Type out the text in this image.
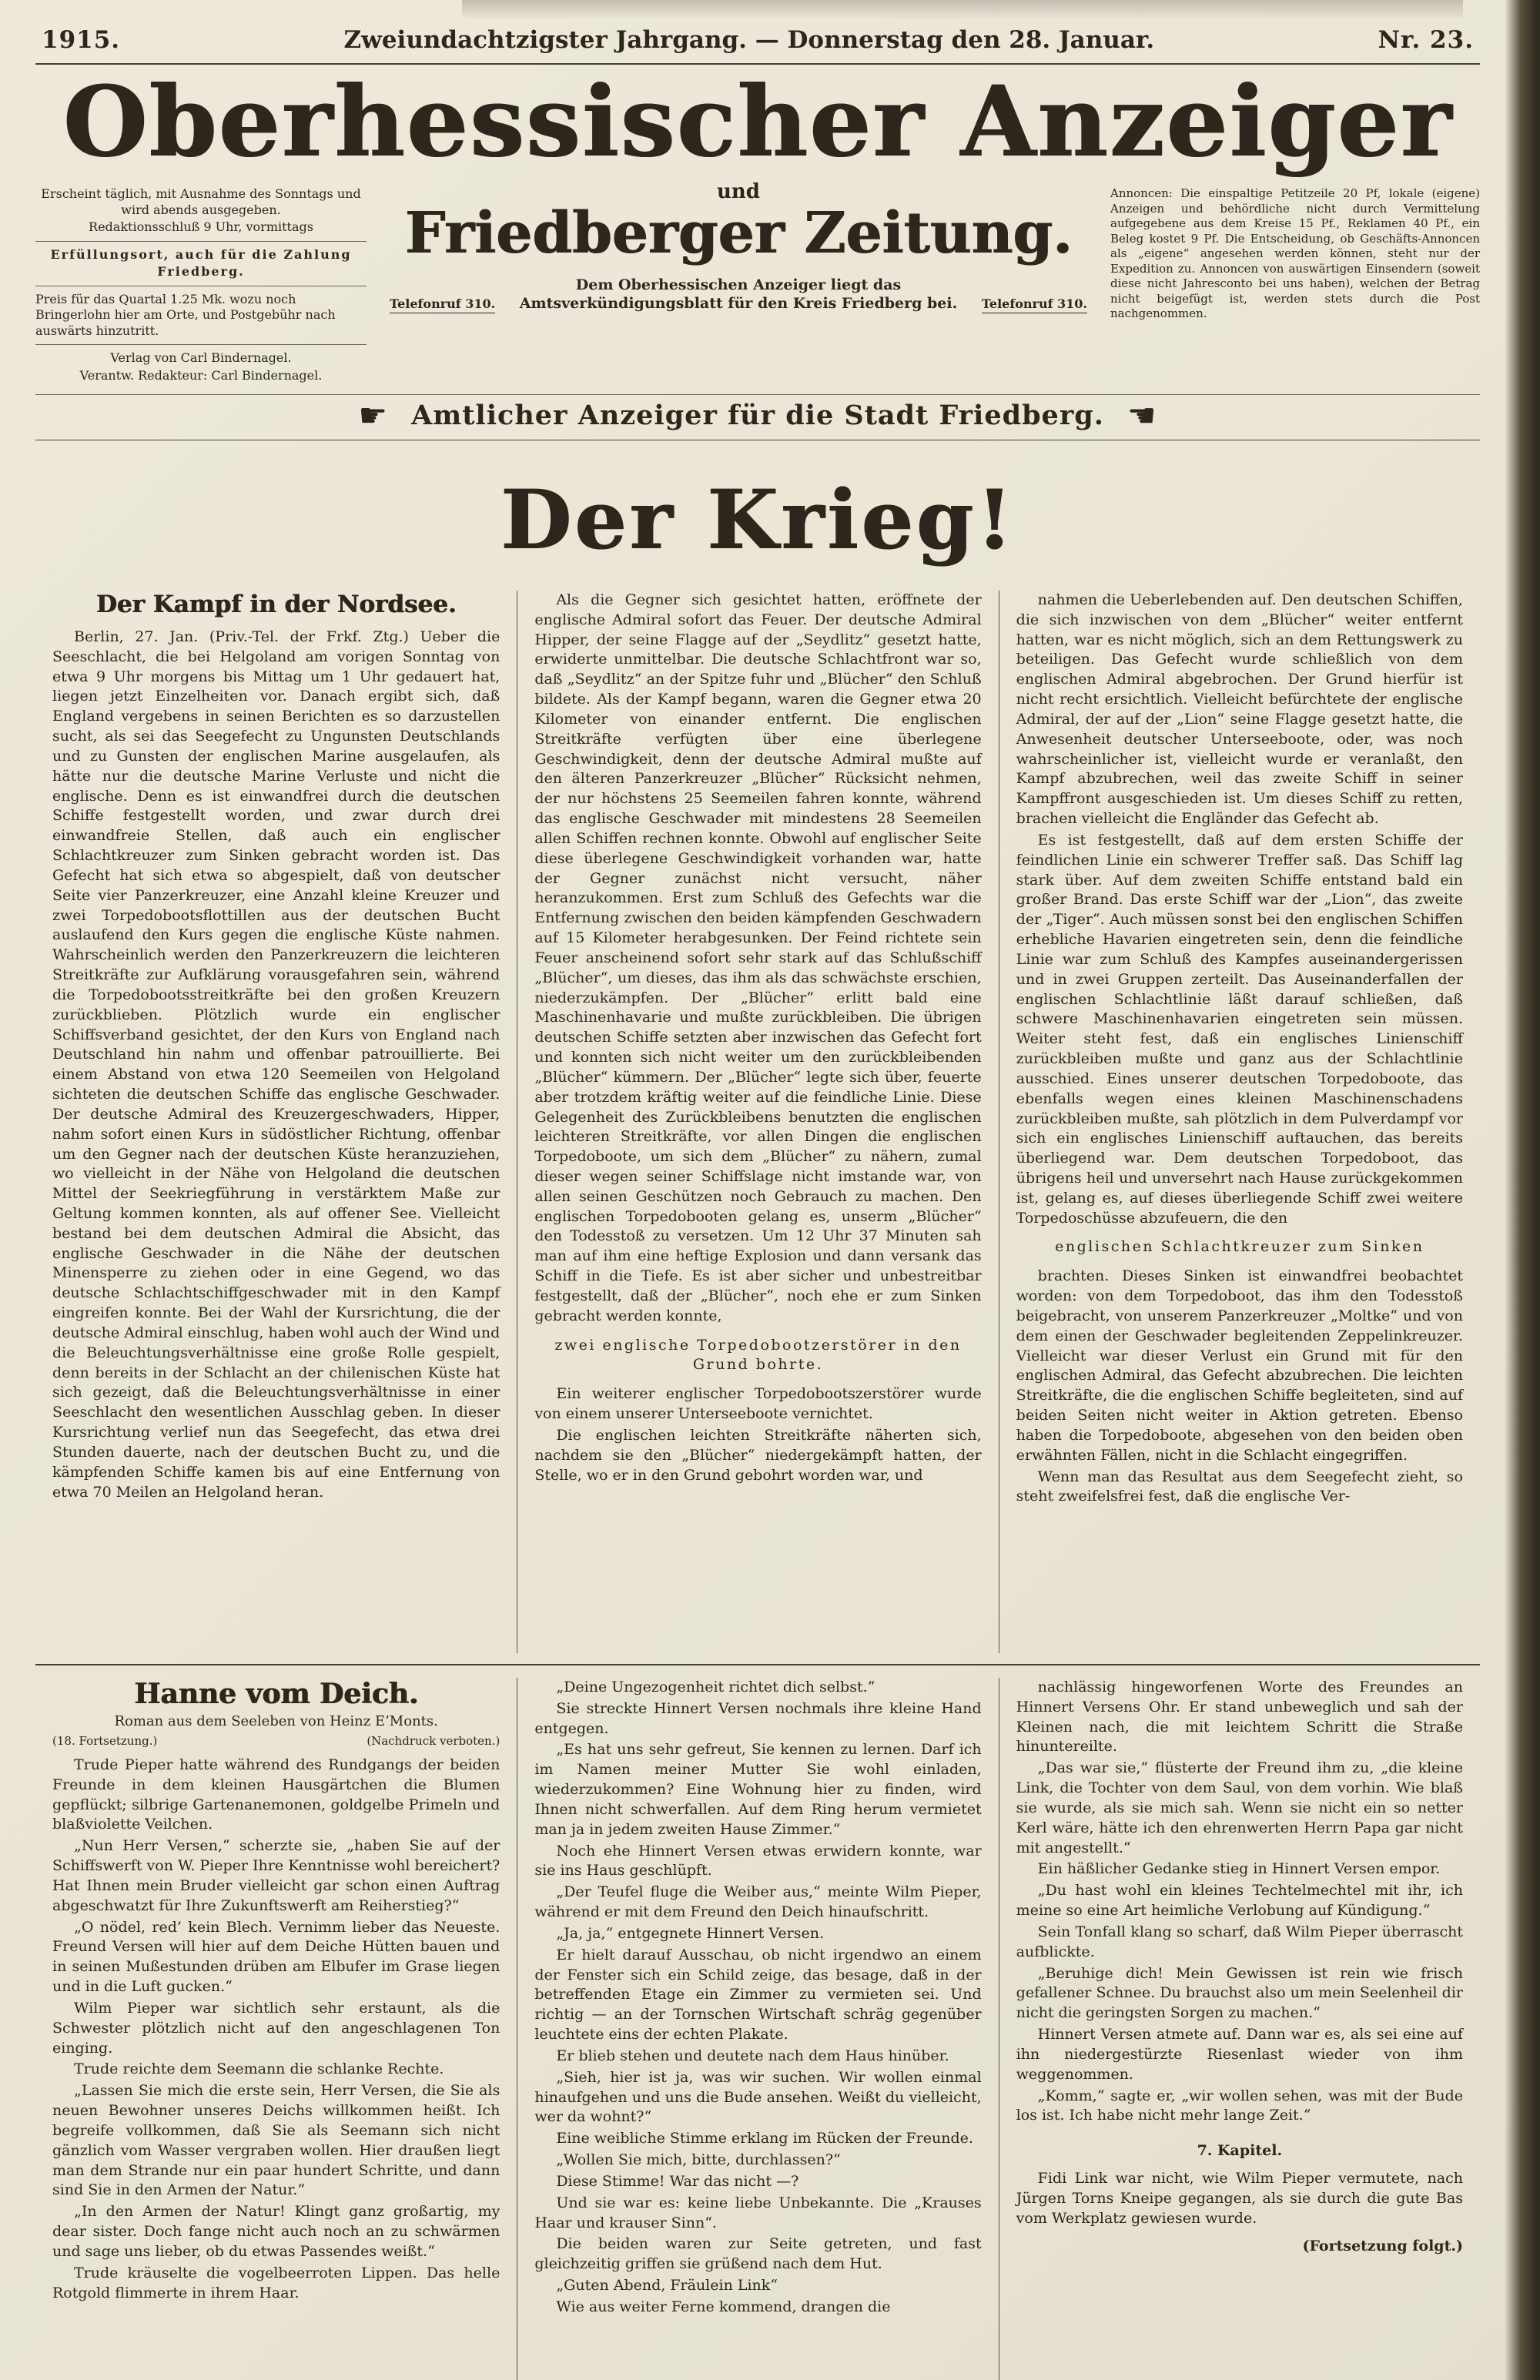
1915.	Zweiundachtzigster Jahrgang. — Donnerstag den 28. Januar.	Nr. 23.
Oberhessischer Anzeiger

Erscheint täglich, mit Ausnahme des Sonntags und wird abends ausgegeben.

Redaktionsschluß 9 Uhr, vormittags

Erfüllungsort, auch für die Zahlung

Friedberg.

Preis für das Quartal 1.25 Mk. wozu noch Bringerlohn hier am Orte, und Postgebühr nach auswärts hinzutritt.

Verlag von Carl Bindernagel.

Verantw. Redakteur: Carl Bindernagel.

und
Friedberger Zeitung.
Telefonruf 310.
Dem Oberhessischen Anzeiger liegt das Amtsverkündigungsblatt für den Kreis Friedberg bei.	Telefonruf 310.
Annoncen: Die einspaltige Petitzeile 20 Pf, lokale (eigene) Anzeigen und behördliche nicht durch Vermittelung aufgegebene aus dem Kreise 15 Pf., Reklamen 40 Pf., ein Beleg kostet 9 Pf. Die Entscheidung, ob Geschäfts-Annoncen als „eigene“ angesehen werden können, steht nur der Expedition zu. Annoncen von auswärtigen Einsendern (soweit diese nicht Jahresconto bei uns haben), welchen der Betrag nicht beigefügt ist, werden stets durch die Post nachgenommen.
☛ Amtlicher Anzeiger für die Stadt Friedberg. ☚
Der Krieg!
Der Kampf in der Nordsee.

Berlin, 27. Jan. (Priv.-Tel. der Frkf. Ztg.) Ueber die Seeschlacht, die bei Helgoland am vorigen Sonntag von etwa 9 Uhr morgens bis Mittag um 1 Uhr gedauert hat, liegen jetzt Einzelheiten vor. Danach ergibt sich, daß England vergebens in seinen Berichten es so darzustellen sucht, als sei das Seegefecht zu Ungunsten Deutschlands und zu Gunsten der englischen Marine ausgelaufen, als hätte nur die deutsche Marine Verluste und nicht die englische. Denn es ist einwandfrei durch die deutschen Schiffe festgestellt worden, und zwar durch drei einwandfreie Stellen, daß auch ein englischer Schlachtkreuzer zum Sinken gebracht worden ist. Das Gefecht hat sich etwa so abgespielt, daß von deutscher Seite vier Panzerkreuzer, eine Anzahl kleine Kreuzer und zwei Torpedobootsflottillen aus der deutschen Bucht auslaufend den Kurs gegen die englische Küste nahmen. Wahrscheinlich werden den Panzerkreuzern die leichteren Streitkräfte zur Aufklärung vorausgefahren sein, während die Torpedobootsstreitkräfte bei den großen Kreuzern zurückblieben. Plötzlich wurde ein englischer Schiffsverband gesichtet, der den Kurs von England nach Deutschland hin nahm und offenbar patrouillierte. Bei einem Abstand von etwa 120 Seemeilen von Helgoland sichteten die deutschen Schiffe das englische Geschwader. Der deutsche Admiral des Kreuzergeschwaders, Hipper, nahm sofort einen Kurs in südöstlicher Richtung, offenbar um den Gegner nach der deutschen Küste heranzuziehen, wo vielleicht in der Nähe von Helgoland die deutschen Mittel der Seekriegführung in verstärktem Maße zur Geltung kommen konnten, als auf offener See. Vielleicht bestand bei dem deutschen Admiral die Absicht, das englische Geschwader in die Nähe der deutschen Minensperre zu ziehen oder in eine Gegend, wo das deutsche Schlachtschiffgeschwader mit in den Kampf eingreifen konnte. Bei der Wahl der Kursrichtung, die der deutsche Admiral einschlug, haben wohl auch der Wind und die Beleuchtungsverhältnisse eine große Rolle gespielt, denn bereits in der Schlacht an der chilenischen Küste hat sich gezeigt, daß die Beleuchtungsverhältnisse in einer Seeschlacht den wesentlichen Ausschlag geben. In dieser Kursrichtung verlief nun das Seegefecht, das etwa drei Stunden dauerte, nach der deutschen Bucht zu, und die kämpfenden Schiffe kamen bis auf eine Entfernung von etwa 70 Meilen an Helgoland heran.

Als die Gegner sich gesichtet hatten, eröffnete der englische Admiral sofort das Feuer. Der deutsche Admiral Hipper, der seine Flagge auf der „Seydlitz“ gesetzt hatte, erwiderte unmittelbar. Die deutsche Schlachtfront war so, daß „Seydlitz“ an der Spitze fuhr und „Blücher“ den Schluß bildete. Als der Kampf begann, waren die Gegner etwa 20 Kilometer von einander entfernt. Die englischen Streitkräfte verfügten über eine überlegene Geschwindigkeit, denn der deutsche Admiral mußte auf den älteren Panzerkreuzer „Blücher“ Rücksicht nehmen, der nur höchstens 25 Seemeilen fahren konnte, während das englische Geschwader mit mindestens 28 Seemeilen allen Schiffen rechnen konnte. Obwohl auf englischer Seite diese überlegene Geschwindigkeit vorhanden war, hatte der Gegner zunächst nicht versucht, näher heranzukommen. Erst zum Schluß des Gefechts war die Entfernung zwischen den beiden kämpfenden Geschwadern auf 15 Kilometer herabgesunken. Der Feind richtete sein Feuer anscheinend sofort sehr stark auf das Schlußschiff „Blücher“, um dieses, das ihm als das schwächste erschien, niederzukämpfen. Der „Blücher“ erlitt bald eine Maschinenhavarie und mußte zurückbleiben. Die übrigen deutschen Schiffe setzten aber inzwischen das Gefecht fort und konnten sich nicht weiter um den zurückbleibenden „Blücher“ kümmern. Der „Blücher“ legte sich über, feuerte aber trotzdem kräftig weiter auf die feindliche Linie. Diese Gelegenheit des Zurückbleibens benutzten die englischen leichteren Streitkräfte, vor allen Dingen die englischen Torpedoboote, um sich dem „Blücher“ zu nähern, zumal dieser wegen seiner Schiffslage nicht imstande war, von allen seinen Geschützen noch Gebrauch zu machen. Den englischen Torpedobooten gelang es, unserm „Blücher“ den Todesstoß zu versetzen. Um 12 Uhr 37 Minuten sah man auf ihm eine heftige Explosion und dann versank das Schiff in die Tiefe. Es ist aber sicher und unbestreitbar festgestellt, daß der „Blücher“, noch ehe er zum Sinken gebracht werden konnte,

zwei englische Torpedobootzerstörer in den Grund bohrte.

Ein weiterer englischer Torpedobootszerstörer wurde von einem unserer Unterseeboote vernichtet.

Die englischen leichten Streitkräfte näherten sich, nachdem sie den „Blücher“ niedergekämpft hatten, der Stelle, wo er in den Grund gebohrt worden war, und

nahmen die Ueberlebenden auf. Den deutschen Schiffen, die sich inzwischen von dem „Blücher“ weiter entfernt hatten, war es nicht möglich, sich an dem Rettungswerk zu beteiligen. Das Gefecht wurde schließlich von dem englischen Admiral abgebrochen. Der Grund hierfür ist nicht recht ersichtlich. Vielleicht befürchtete der englische Admiral, der auf der „Lion“ seine Flagge gesetzt hatte, die Anwesenheit deutscher Unterseeboote, oder, was noch wahrscheinlicher ist, vielleicht wurde er veranlaßt, den Kampf abzubrechen, weil das zweite Schiff in seiner Kampffront ausgeschieden ist. Um dieses Schiff zu retten, brachen vielleicht die Engländer das Gefecht ab.

Es ist festgestellt, daß auf dem ersten Schiffe der feindlichen Linie ein schwerer Treffer saß. Das Schiff lag stark über. Auf dem zweiten Schiffe entstand bald ein großer Brand. Das erste Schiff war der „Lion“, das zweite der „Tiger“. Auch müssen sonst bei den englischen Schiffen erhebliche Havarien eingetreten sein, denn die feindliche Linie war zum Schluß des Kampfes auseinandergerissen und in zwei Gruppen zerteilt. Das Auseinanderfallen der englischen Schlachtlinie läßt darauf schließen, daß schwere Maschinenhavarien eingetreten sein müssen. Weiter steht fest, daß ein englisches Linienschiff zurückbleiben mußte und ganz aus der Schlachtlinie ausschied. Eines unserer deutschen Torpedoboote, das ebenfalls wegen eines kleinen Maschinenschadens zurückbleiben mußte, sah plötzlich in dem Pulverdampf vor sich ein englisches Linienschiff auftauchen, das bereits überliegend war. Dem deutschen Torpedoboot, das übrigens heil und unversehrt nach Hause zurückgekommen ist, gelang es, auf dieses überliegende Schiff zwei weitere Torpedoschüsse abzufeuern, die den

englischen Schlachtkreuzer zum Sinken

brachten. Dieses Sinken ist einwandfrei beobachtet worden: von dem Torpedoboot, das ihm den Todesstoß beigebracht, von unserem Panzerkreuzer „Moltke“ und von dem einen der Geschwader begleitenden Zeppelinkreuzer. Vielleicht war dieser Verlust ein Grund mit für den englischen Admiral, das Gefecht abzubrechen. Die leichten Streitkräfte, die die englischen Schiffe begleiteten, sind auf beiden Seiten nicht weiter in Aktion getreten. Ebenso haben die Torpedoboote, abgesehen von den beiden oben erwähnten Fällen, nicht in die Schlacht eingegriffen.

Wenn man das Resultat aus dem Seegefecht zieht, so steht zweifelsfrei fest, daß die englische Ver-

Hanne vom Deich.
Roman aus dem Seeleben von Heinz E’Monts.
(18. Fortsetzung.)	(Nachdruck verboten.)

Trude Pieper hatte während des Rundgangs der beiden Freunde in dem kleinen Hausgärtchen die Blumen gepflückt; silbrige Gartenanemonen, goldgelbe Primeln und blaßviolette Veilchen.

„Nun Herr Versen,“ scherzte sie, „haben Sie auf der Schiffswerft von W. Pieper Ihre Kenntnisse wohl bereichert? Hat Ihnen mein Bruder vielleicht gar schon einen Auftrag abgeschwatzt für Ihre Zukunftswerft am Reiherstieg?“

„O nödel, red’ kein Blech. Vernimm lieber das Neueste. Freund Versen will hier auf dem Deiche Hütten bauen und in seinen Mußestunden drüben am Elbufer im Grase liegen und in die Luft gucken.“

Wilm Pieper war sichtlich sehr erstaunt, als die Schwester plötzlich nicht auf den angeschlagenen Ton einging.

Trude reichte dem Seemann die schlanke Rechte.

„Lassen Sie mich die erste sein, Herr Versen, die Sie als neuen Bewohner unseres Deichs willkommen heißt. Ich begreife vollkommen, daß Sie als Seemann sich nicht gänzlich vom Wasser vergraben wollen. Hier draußen liegt man dem Strande nur ein paar hundert Schritte, und dann sind Sie in den Armen der Natur.“

„In den Armen der Natur! Klingt ganz großartig, my dear sister. Doch fange nicht auch noch an zu schwärmen und sage uns lieber, ob du etwas Passendes weißt.“

Trude kräuselte die vogelbeerroten Lippen. Das helle Rotgold flimmerte in ihrem Haar.

„Deine Ungezogenheit richtet dich selbst.“

Sie streckte Hinnert Versen nochmals ihre kleine Hand entgegen.

„Es hat uns sehr gefreut, Sie kennen zu lernen. Darf ich im Namen meiner Mutter Sie wohl einladen, wiederzukommen? Eine Wohnung hier zu finden, wird Ihnen nicht schwerfallen. Auf dem Ring herum vermietet man ja in jedem zweiten Hause Zimmer.“

Noch ehe Hinnert Versen etwas erwidern konnte, war sie ins Haus geschlüpft.

„Der Teufel fluge die Weiber aus,“ meinte Wilm Pieper, während er mit dem Freund den Deich hinaufschritt.

„Ja, ja,“ entgegnete Hinnert Versen.

Er hielt darauf Ausschau, ob nicht irgendwo an einem der Fenster sich ein Schild zeige, das besage, daß in der betreffenden Etage ein Zimmer zu vermieten sei. Und richtig — an der Tornschen Wirtschaft schräg gegenüber leuchtete eins der echten Plakate.

Er blieb stehen und deutete nach dem Haus hinüber.

„Sieh, hier ist ja, was wir suchen. Wir wollen einmal hinaufgehen und uns die Bude ansehen. Weißt du vielleicht, wer da wohnt?“

Eine weibliche Stimme erklang im Rücken der Freunde.

„Wollen Sie mich, bitte, durchlassen?“

Diese Stimme! War das nicht —?

Und sie war es: keine liebe Unbekannte. Die „Krauses Haar und krauser Sinn“.

Die beiden waren zur Seite getreten, und fast gleichzeitig griffen sie grüßend nach dem Hut.

„Guten Abend, Fräulein Link“

Wie aus weiter Ferne kommend, drangen die

nachlässig hingeworfenen Worte des Freundes an Hinnert Versens Ohr. Er stand unbeweglich und sah der Kleinen nach, die mit leichtem Schritt die Straße hinuntereilte.

„Das war sie,“ flüsterte der Freund ihm zu, „die kleine Link, die Tochter von dem Saul, von dem vorhin. Wie blaß sie wurde, als sie mich sah. Wenn sie nicht ein so netter Kerl wäre, hätte ich den ehrenwerten Herrn Papa gar nicht mit angestellt.“

Ein häßlicher Gedanke stieg in Hinnert Versen empor.

„Du hast wohl ein kleines Techtelmechtel mit ihr, ich meine so eine Art heimliche Verlobung auf Kündigung.“

Sein Tonfall klang so scharf, daß Wilm Pieper überrascht aufblickte.

„Beruhige dich! Mein Gewissen ist rein wie frisch gefallener Schnee. Du brauchst also um mein Seelenheil dir nicht die geringsten Sorgen zu machen.“

Hinnert Versen atmete auf. Dann war es, als sei eine auf ihn niedergestürzte Riesenlast wieder von ihm weggenommen.

„Komm,“ sagte er, „wir wollen sehen, was mit der Bude los ist. Ich habe nicht mehr lange Zeit.“

7. Kapitel.

Fidi Link war nicht, wie Wilm Pieper vermutete, nach Jürgen Torns Kneipe gegangen, als sie durch die gute Bas vom Werkplatz gewiesen wurde.

(Fortsetzung folgt.)
